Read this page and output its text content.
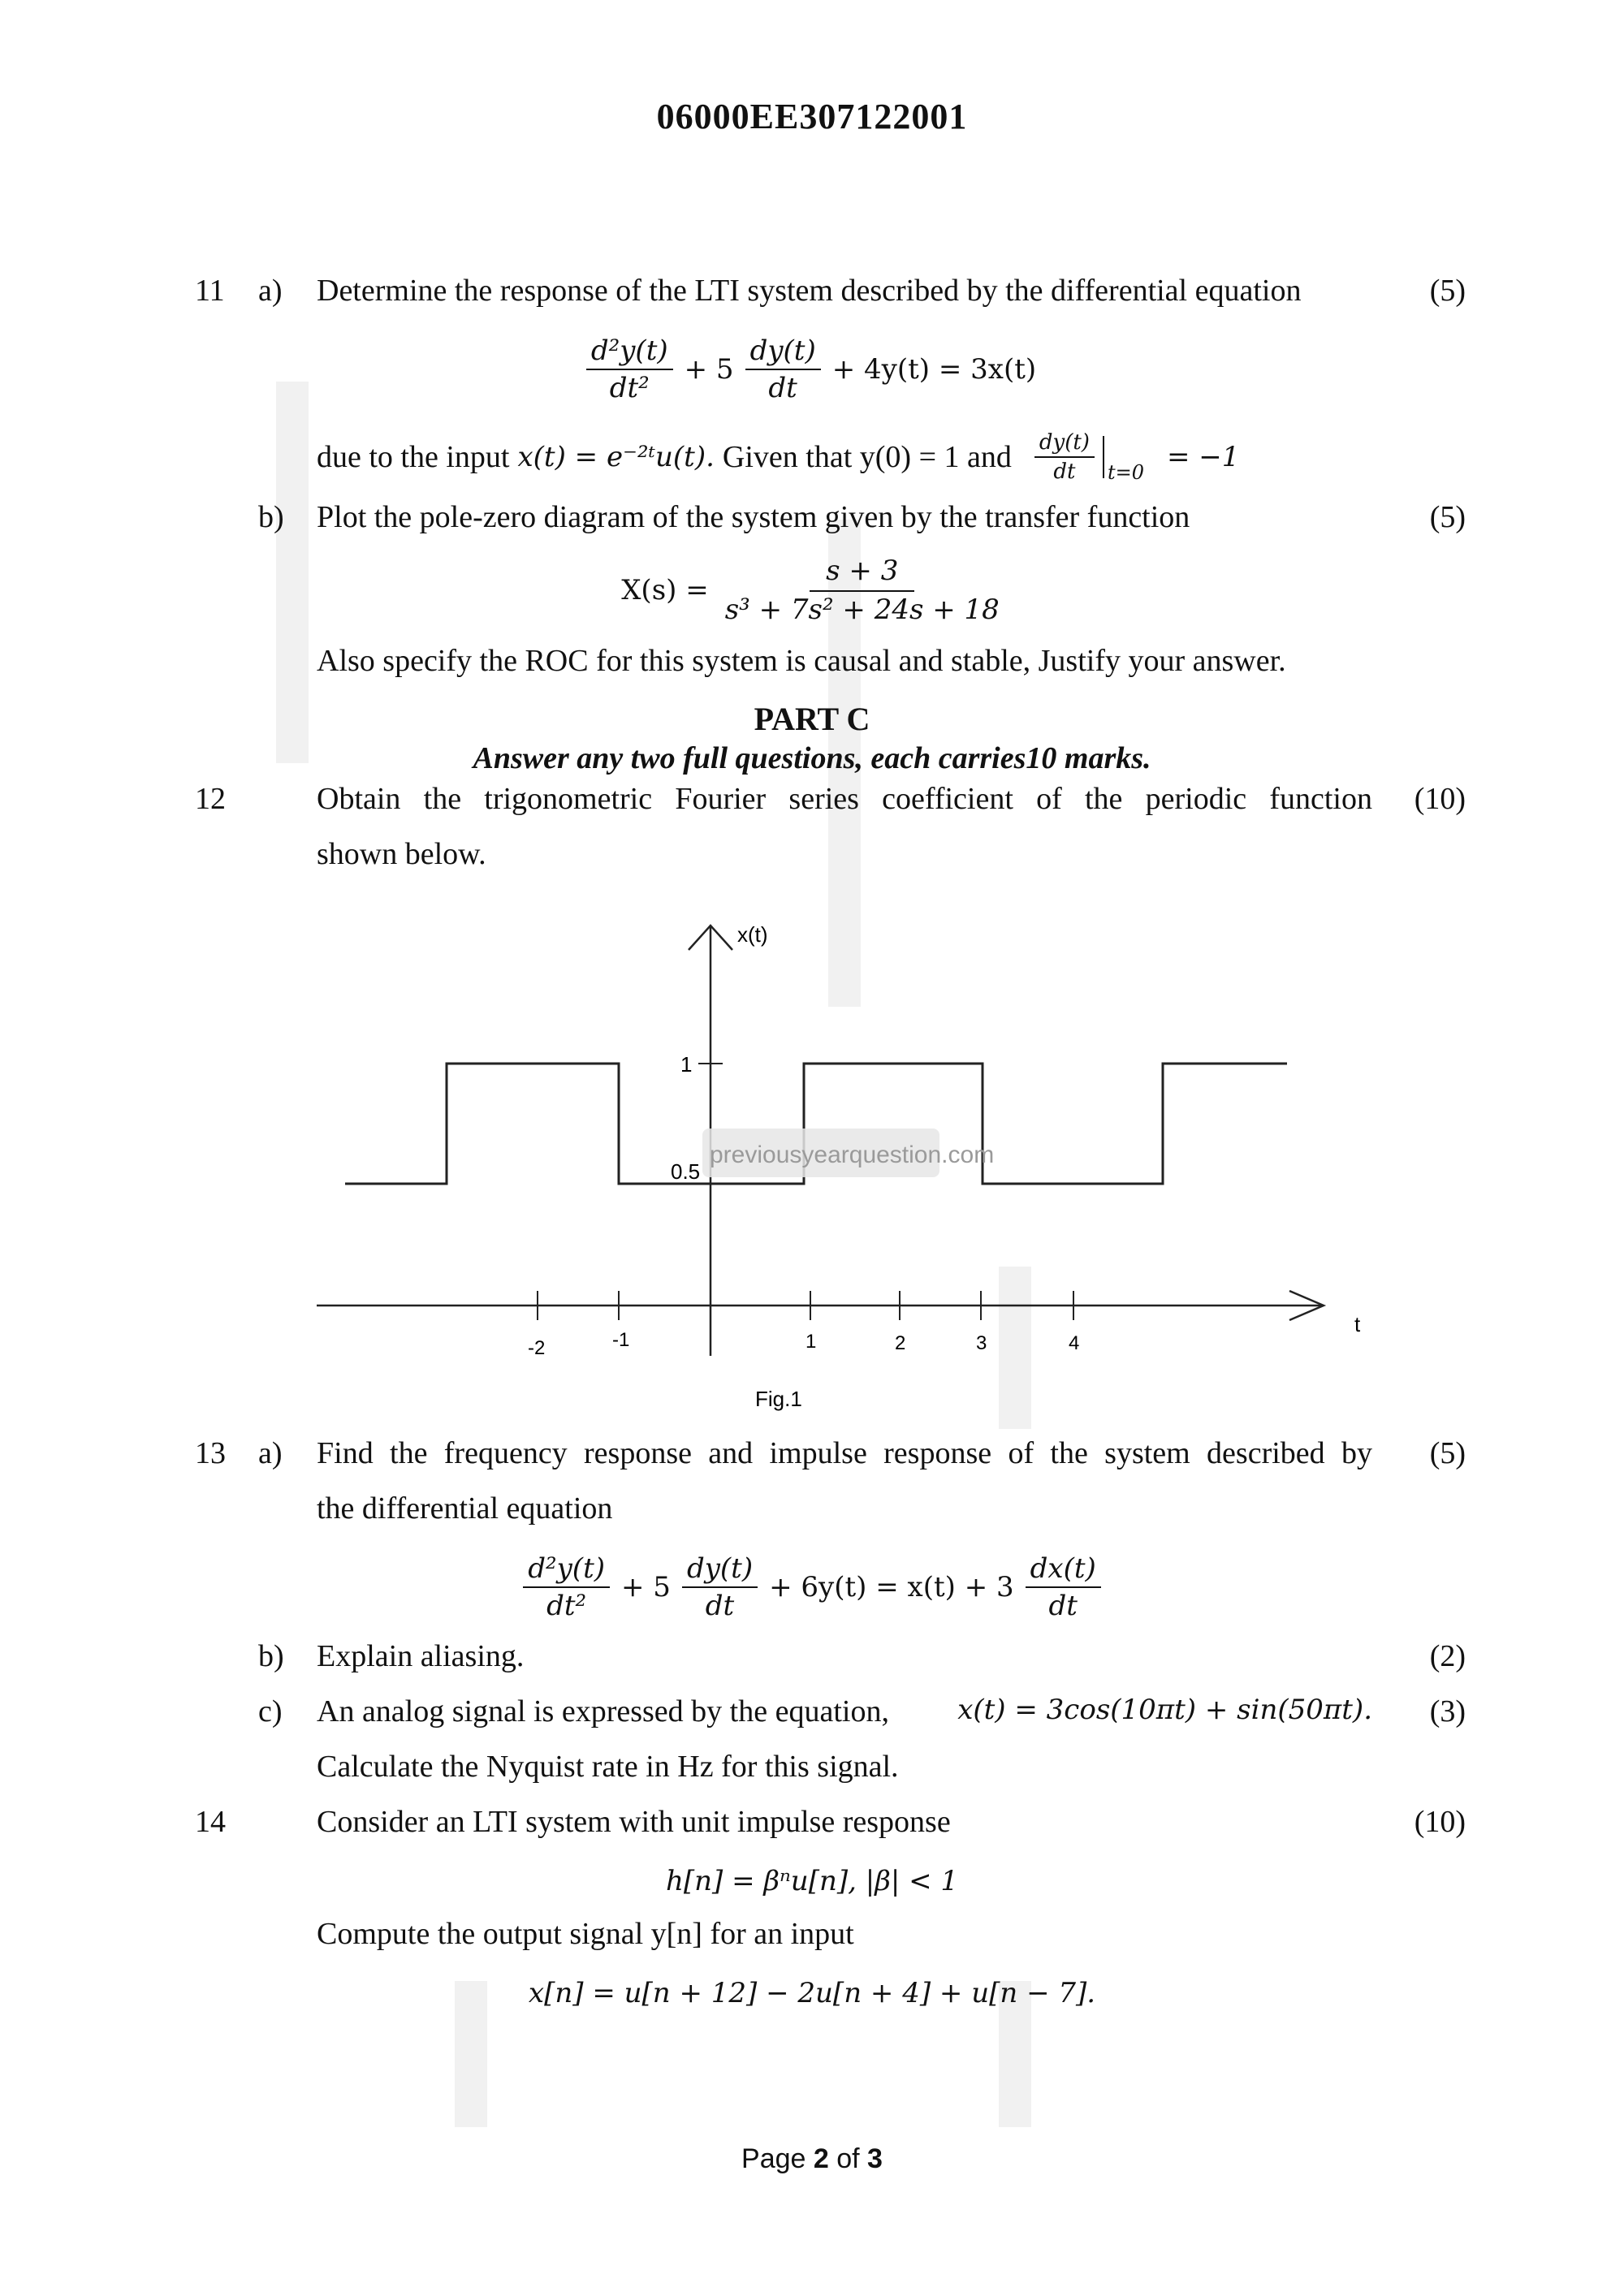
06000EE307122001
11 a) Determine the response of the LTI system described by the differential equation	(5)
$\frac{\text{d²y(t)}}{\text{dt²}} + 5 \frac{dy(t)}{dt} + 4y(t) = 3x(t)$
due to the input x(t) = e⁻²ᵗu(t). Given that y(0) = 1 and $\frac{dy(t)}{dt} t=0 = -1$
b) Plot the pole-zero diagram of the system given by the transfer function	(5)
$X(s) = \frac{s + 3}{\text{s³ + 7s² + 24s + 18}}$
Also specify the ROC for this system is causal and stable, Justify your answer.
PART C
Answer any two full questions, each carries10 marks.
12	Obtain the trigonometric Fourier series coefficient of the periodic function (10)
shown below.
x(t)
t
1
0.5
-2	-1	1	2	3	4
previousyearquestion.com
Fig.1
13 a) Find the frequency response and impulse response of the system described by (5)
the differential equation
$\frac{\text{d²y(t)}}{\text{dt²}} + 5 \frac{dy(t)}{dt} + 6y(t) = x(t) + 3 \frac{dx(t)}{dt}$
b) Explain aliasing.	(2)
c) An analog signal is expressed by the equation, x(t) = 3cos(10πt) + sin(50πt). (3)
Calculate the Nyquist rate in Hz for this signal.
14	Consider an LTI system with unit impulse response	(10)
h[n] = βⁿu[n], |β| < 1
Compute the output signal y[n] for an input
x[n] = u[n + 12] − 2u[n + 4] + u[n − 7].
Page 2 of 3
